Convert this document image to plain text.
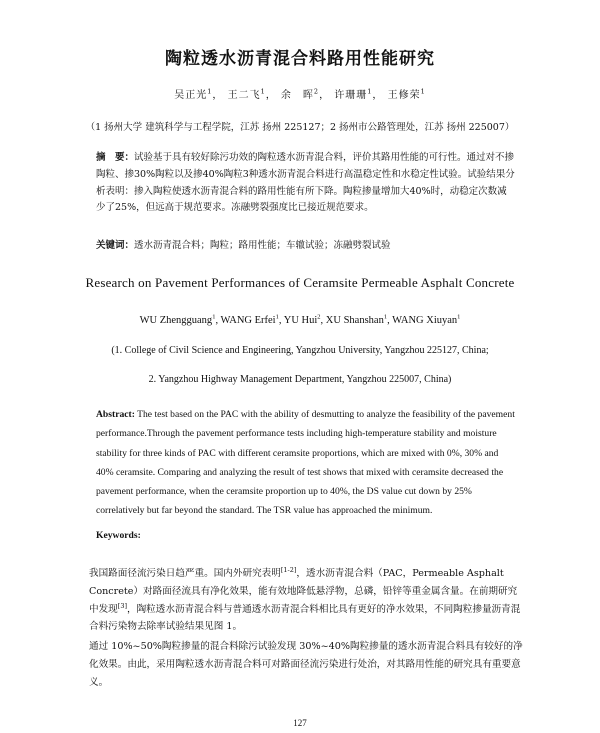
陶粒透水沥青混合料路用性能研究
吴正光$^1$， 王二飞$^1$， 余　晖$^2$， 许珊珊$^1$， 王修荣$^1$
（1 扬州大学 建筑科学与工程学院，江苏 扬州 225127；2 扬州市公路管理处，江苏 扬州 225007）
摘　要：试验基于具有较好除污功效的陶粒透水沥青混合料，评价其路用性能的可行性。通过对不掺陶粒、掺30%陶粒以及掺40%陶粒3种透水沥青混合料进行高温稳定性和水稳定性试验。试验结果分析表明：掺入陶粒使透水沥青混合料的路用性能有所下降。陶粒掺量增加大40%时，动稳定次数减少了25%，但远高于规范要求。冻融劈裂强度比已接近规范要求。
关键词：透水沥青混合料；陶粒；路用性能；车辙试验；冻融劈裂试验
Research on Pavement Performances of Ceramsite Permeable Asphalt Concrete
WU Zhengguang$^1$, WANG Erfei$^1$, YU Hui$^2$, XU Shanshan$^1$, WANG Xiuyan$^1$
(1. College of Civil Science and Engineering, Yangzhou University, Yangzhou 225127, China;
2. Yangzhou Highway Management Department, Yangzhou 225007, China)
Abstract: The test based on the PAC with the ability of desmutting to analyze the feasibility of the pavement performance.Through the pavement performance tests including high-temperature stability and moisture stability for three kinds of PAC with different ceramsite proportions, which are mixed with 0%, 30% and 40% ceramsite. Comparing and analyzing the result of test shows that mixed with ceramsite decreased the pavement performance, when the ceramsite proportion up to 40%, the DS value cut down by 25% correlatively but far beyond the standard. The TSR value has approached the minimum.
Keywords:

我国路面径流污染日趋严重。国内外研究表明[1-2]，透水沥青混合料（PAC，Permeable Asphalt Concrete）对路面径流具有净化效果，能有效地降低悬浮物，总磷，铅锌等重金属含量。在前期研究中发现[3]，陶粒透水沥青混合料与普通透水沥青混合料相比具有更好的净水效果，不同陶粒掺量沥青混合料污染物去除率试验结果见图 1。

通过 10%~50%陶粒掺量的混合料除污试验发现 30%~40%陶粒掺量的透水沥青混合料具有较好的净化效果。由此，采用陶粒透水沥青混合料可对路面径流污染进行处治，对其路用性能的研究具有重要意义。

127
